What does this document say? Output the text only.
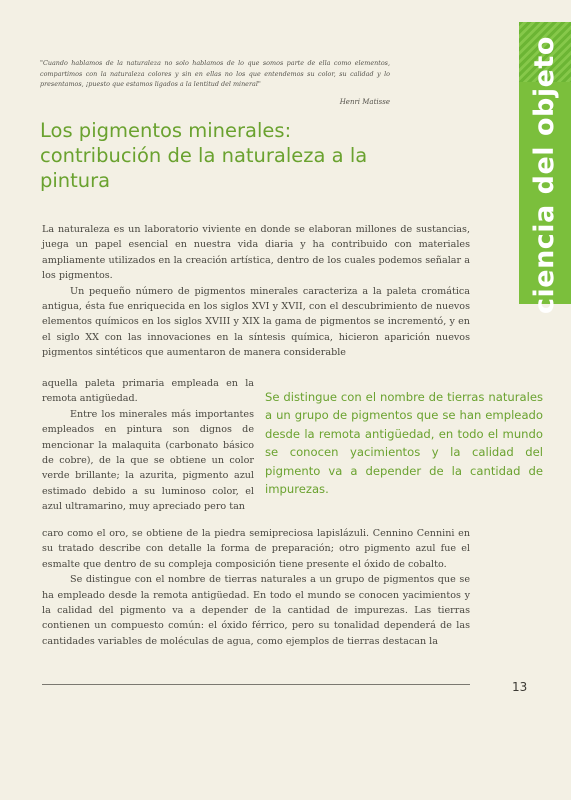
"Cuando hablamos de la naturaleza no solo hablamos de lo que somos parte de ella como elementos, compartimos con la naturaleza colores y sin en ellas no los que entendemos su color, su calidad y lo presentamos, ¡puesto que estamos ligados a la lentitud del mineral"
Henri Matisse	ciencia del objeto
Los pigmentos minerales: contribución de la naturaleza a la pintura

La naturaleza es un laboratorio viviente en donde se elaboran millones de sustancias, juega un papel esencial en nuestra vida diaria y ha contribuido con materiales ampliamente utilizados en la creación artística, dentro de los cuales podemos señalar a los pigmentos.

Un pequeño número de pigmentos minerales caracteriza a la paleta cromática antigua, ésta fue enriquecida en los siglos XVI y XVII, con el descubrimiento de nuevos elementos químicos en los siglos XVIII y XIX la gama de pigmentos se incrementó, y en el siglo XX con las innovaciones en la síntesis química, hicieron aparición nuevos pigmentos sintéticos que aumentaron de manera considerable

aquella paleta primaria empleada en la remota antigüedad.

Entre los minerales más importantes empleados en pintura son dignos de mencionar la malaquita (carbonato básico de cobre), de la que se obtiene un color verde brillante; la azurita, pigmento azul estimado debido a su luminoso color, el azul ultramarino, muy apreciado pero tan

Se distingue con el nombre de tierras naturales a un grupo de pigmentos que se han empleado desde la remota antigüedad, en todo el mundo se conocen yacimientos y la calidad del pigmento va a depender de la cantidad de impurezas.

caro como el oro, se obtiene de la piedra semipreciosa lapislázuli. Cennino Cennini en su tratado describe con detalle la forma de preparación; otro pigmento azul fue el esmalte que dentro de su compleja composición tiene presente el óxido de cobalto.

Se distingue con el nombre de tierras naturales a un grupo de pigmentos que se ha empleado desde la remota antigüedad. En todo el mundo se conocen yacimientos y la calidad del pigmento va a depender de la cantidad de impurezas. Las tierras contienen un compuesto común: el óxido férrico, pero su tonalidad dependerá de las cantidades variables de moléculas de agua, como ejemplos de tierras destacan la

13
